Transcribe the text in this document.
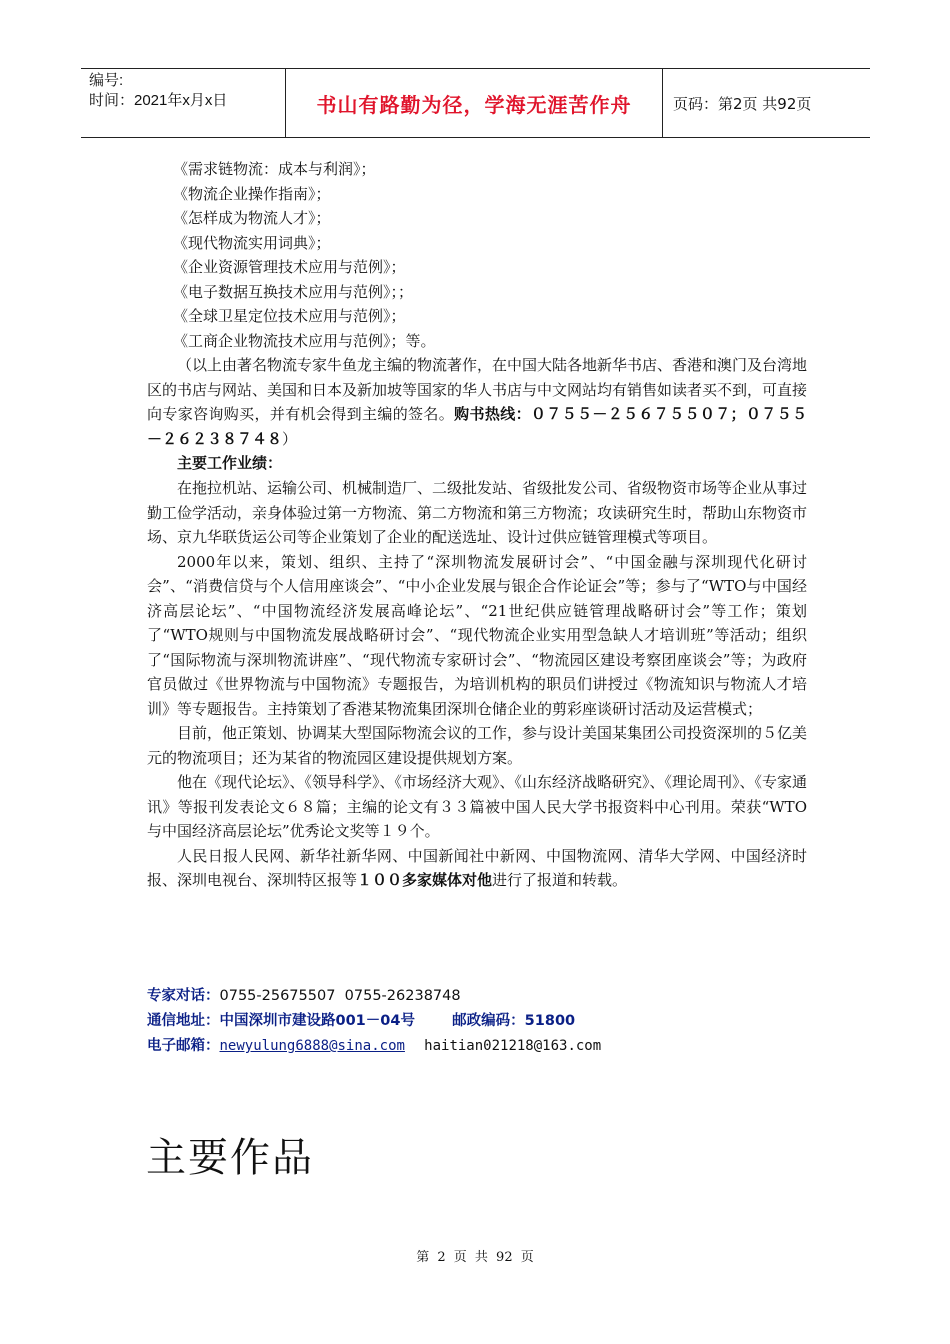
编号:
时间：2021年x月x日	书山有路勤为径，学海无涯苦作舟	页码：第2页 共92页
《需求链物流：成本与利润》；
《物流企业操作指南》；
《怎样成为物流人才》；
《现代物流实用词典》；
《企业资源管理技术应用与范例》；
《电子数据互换技术应用与范例》；；
《全球卫星定位技术应用与范例》；
《工商企业物流技术应用与范例》；等。

（以上由著名物流专家牛鱼龙主编的物流著作，在中国大陆各地新华书店、香港和澳门及台湾地区的书店与网站、美国和日本及新加坡等国家的华人书店与中文网站均有销售如读者买不到，可直接向专家咨询购买，并有机会得到主编的签名。购书热线：０７５５－２５６７５５０７；０７５５－２６２３８７４８）

主要工作业绩：

在拖拉机站、运输公司、机械制造厂、二级批发站、省级批发公司、省级物资市场等企业从事过勤工俭学活动，亲身体验过第一方物流、第二方物流和第三方物流；攻读研究生时，帮助山东物资市场、京九华联货运公司等企业策划了企业的配送选址、设计过供应链管理模式等项目。

2000年以来，策划、组织、主持了“深圳物流发展研讨会”、“中国金融与深圳现代化研讨会”、“消费信贷与个人信用座谈会”、“中小企业发展与银企合作论证会”等；参与了“WTO与中国经济高层论坛”、“中国物流经济发展高峰论坛”、“21世纪供应链管理战略研讨会”等工作；策划了“WTO规则与中国物流发展战略研讨会”、“现代物流企业实用型急缺人才培训班”等活动；组织了“国际物流与深圳物流讲座”、“现代物流专家研讨会”、“物流园区建设考察团座谈会”等；为政府官员做过《世界物流与中国物流》专题报告，为培训机构的职员们讲授过《物流知识与物流人才培训》等专题报告。主持策划了香港某物流集团深圳仓储企业的剪彩座谈研讨活动及运营模式；

目前，他正策划、协调某大型国际物流会议的工作，参与设计美国某集团公司投资深圳的５亿美元的物流项目；还为某省的物流园区建设提供规划方案。

他在《现代论坛》、《领导科学》、《市场经济大观》、《山东经济战略研究》、《理论周刊》、《专家通讯》等报刊发表论文６８篇；主编的论文有３３篇被中国人民大学书报资料中心刊用。荣获“WTO与中国经济高层论坛”优秀论文奖等１９个。

人民日报人民网、新华社新华网、中国新闻社中新网、中国物流网、清华大学网、中国经济时报、深圳电视台、深圳特区报等１００多家媒体对他进行了报道和转载。

专家对话：0755-25675507  0755-26238748
通信地址：中国深圳市建设路001－04号	邮政编码：51800
电子邮箱：newyulung6888@sina.com haitian021218@163.com
主要作品
第 2 页 共 92 页
